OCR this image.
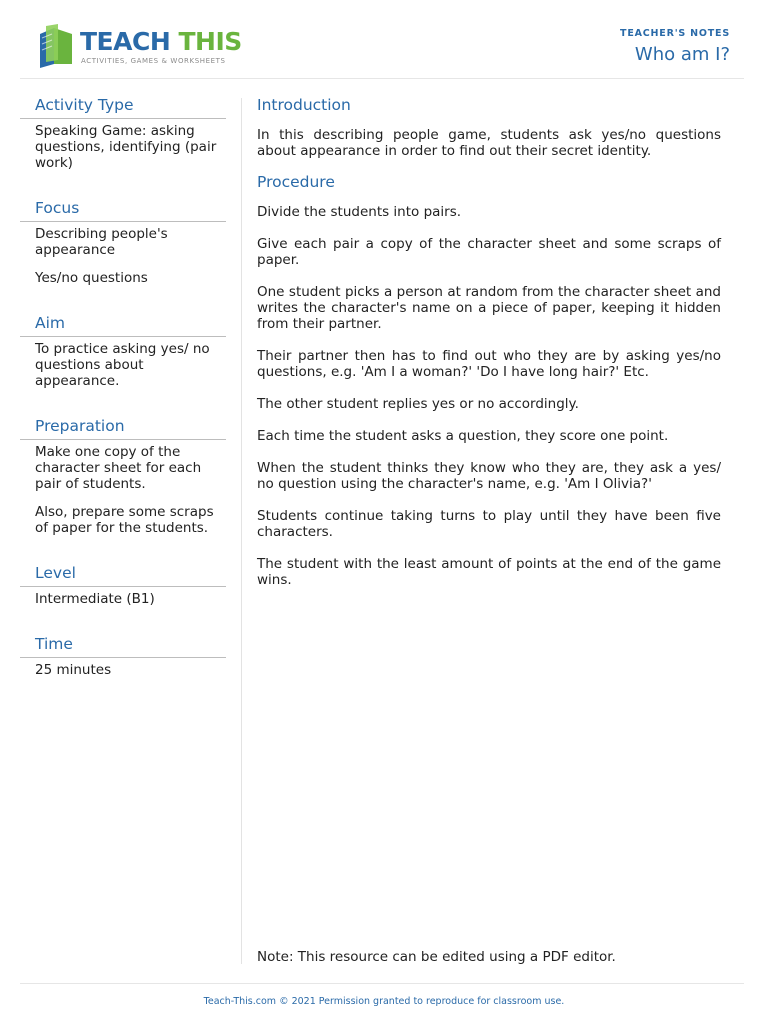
TEACH THIS
ACTIVITIES, GAMES & WORKSHEETS
TEACHER'S NOTES
Who am I?
Activity Type

Speaking Game: asking questions, identifying (pair work)

Focus

Describing people's appearance

Yes/no questions

Aim

To practice asking yes/ no questions about appearance.

Preparation

Make one copy of the character sheet for each pair of students.

Also, prepare some scraps of paper for the students.

Level

Intermediate (B1)

Time

25 minutes

Introduction

In this describing people game, students ask yes/no questions about appearance in order to find out their secret identity.

Procedure

Divide the students into pairs.

Give each pair a copy of the character sheet and some scraps of paper.

One student picks a person at random from the character sheet and writes the character's name on a piece of paper, keeping it hidden from their partner.

Their partner then has to find out who they are by asking yes/no questions, e.g. 'Am I a woman?' 'Do I have long hair?' Etc.

The other student replies yes or no accordingly.

Each time the student asks a question, they score one point.

When the student thinks they know who they are, they ask a yes/ no question using the character's name, e.g. 'Am I Olivia?'

Students continue taking turns to play until they have been five characters.

The student with the least amount of points at the end of the game wins.

Note: This resource can be edited using a PDF editor.
Teach-This.com © 2021 Permission granted to reproduce for classroom use.
